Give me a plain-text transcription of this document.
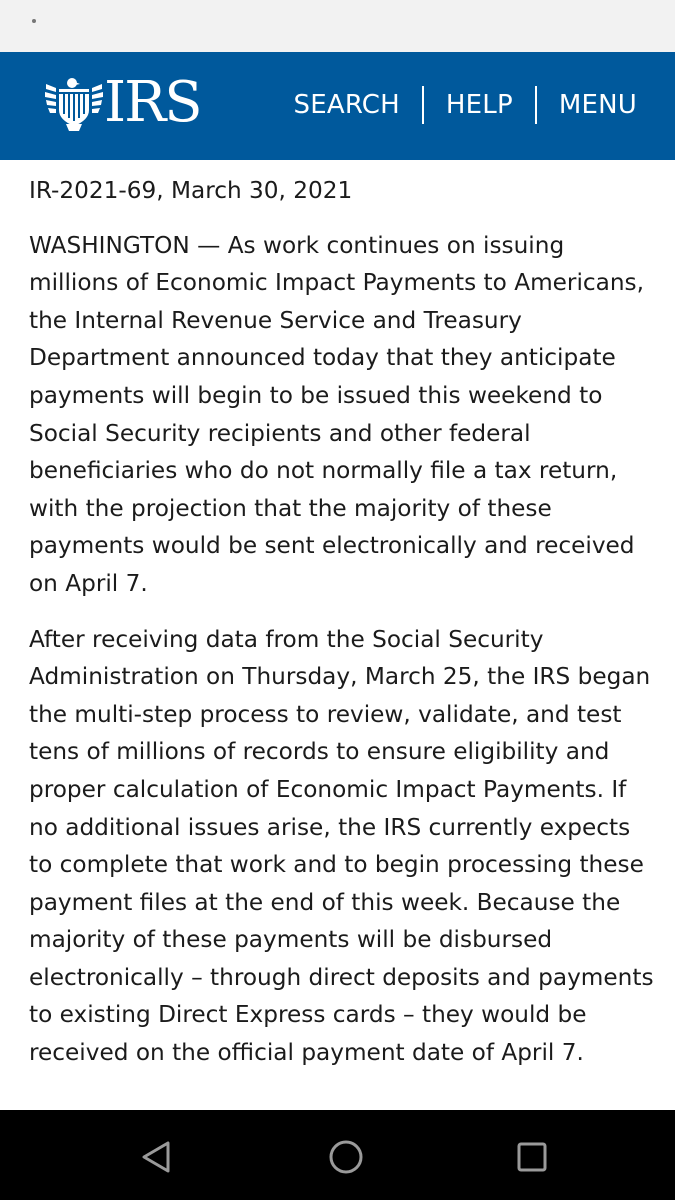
IRS	SEARCH HELP MENU

IR-2021-69, March 30, 2021

WASHINGTON — As work continues on issuing millions of Economic Impact Payments to Americans, the Internal Revenue Service and Treasury Department announced today that they anticipate payments will begin to be issued this weekend to Social Security recipients and other federal beneficiaries who do not normally file a tax return, with the projection that the majority of these payments would be sent electronically and received on April 7.

After receiving data from the Social Security Administration on Thursday, March 25, the IRS began the multi-step process to review, validate, and test tens of millions of records to ensure eligibility and proper calculation of Economic Impact Payments. If no additional issues arise, the IRS currently expects to complete that work and to begin processing these payment files at the end of this week. Because the majority of these payments will be disbursed electronically – through direct deposits and payments to existing Direct Express cards – they would be received on the official payment date of April 7.
